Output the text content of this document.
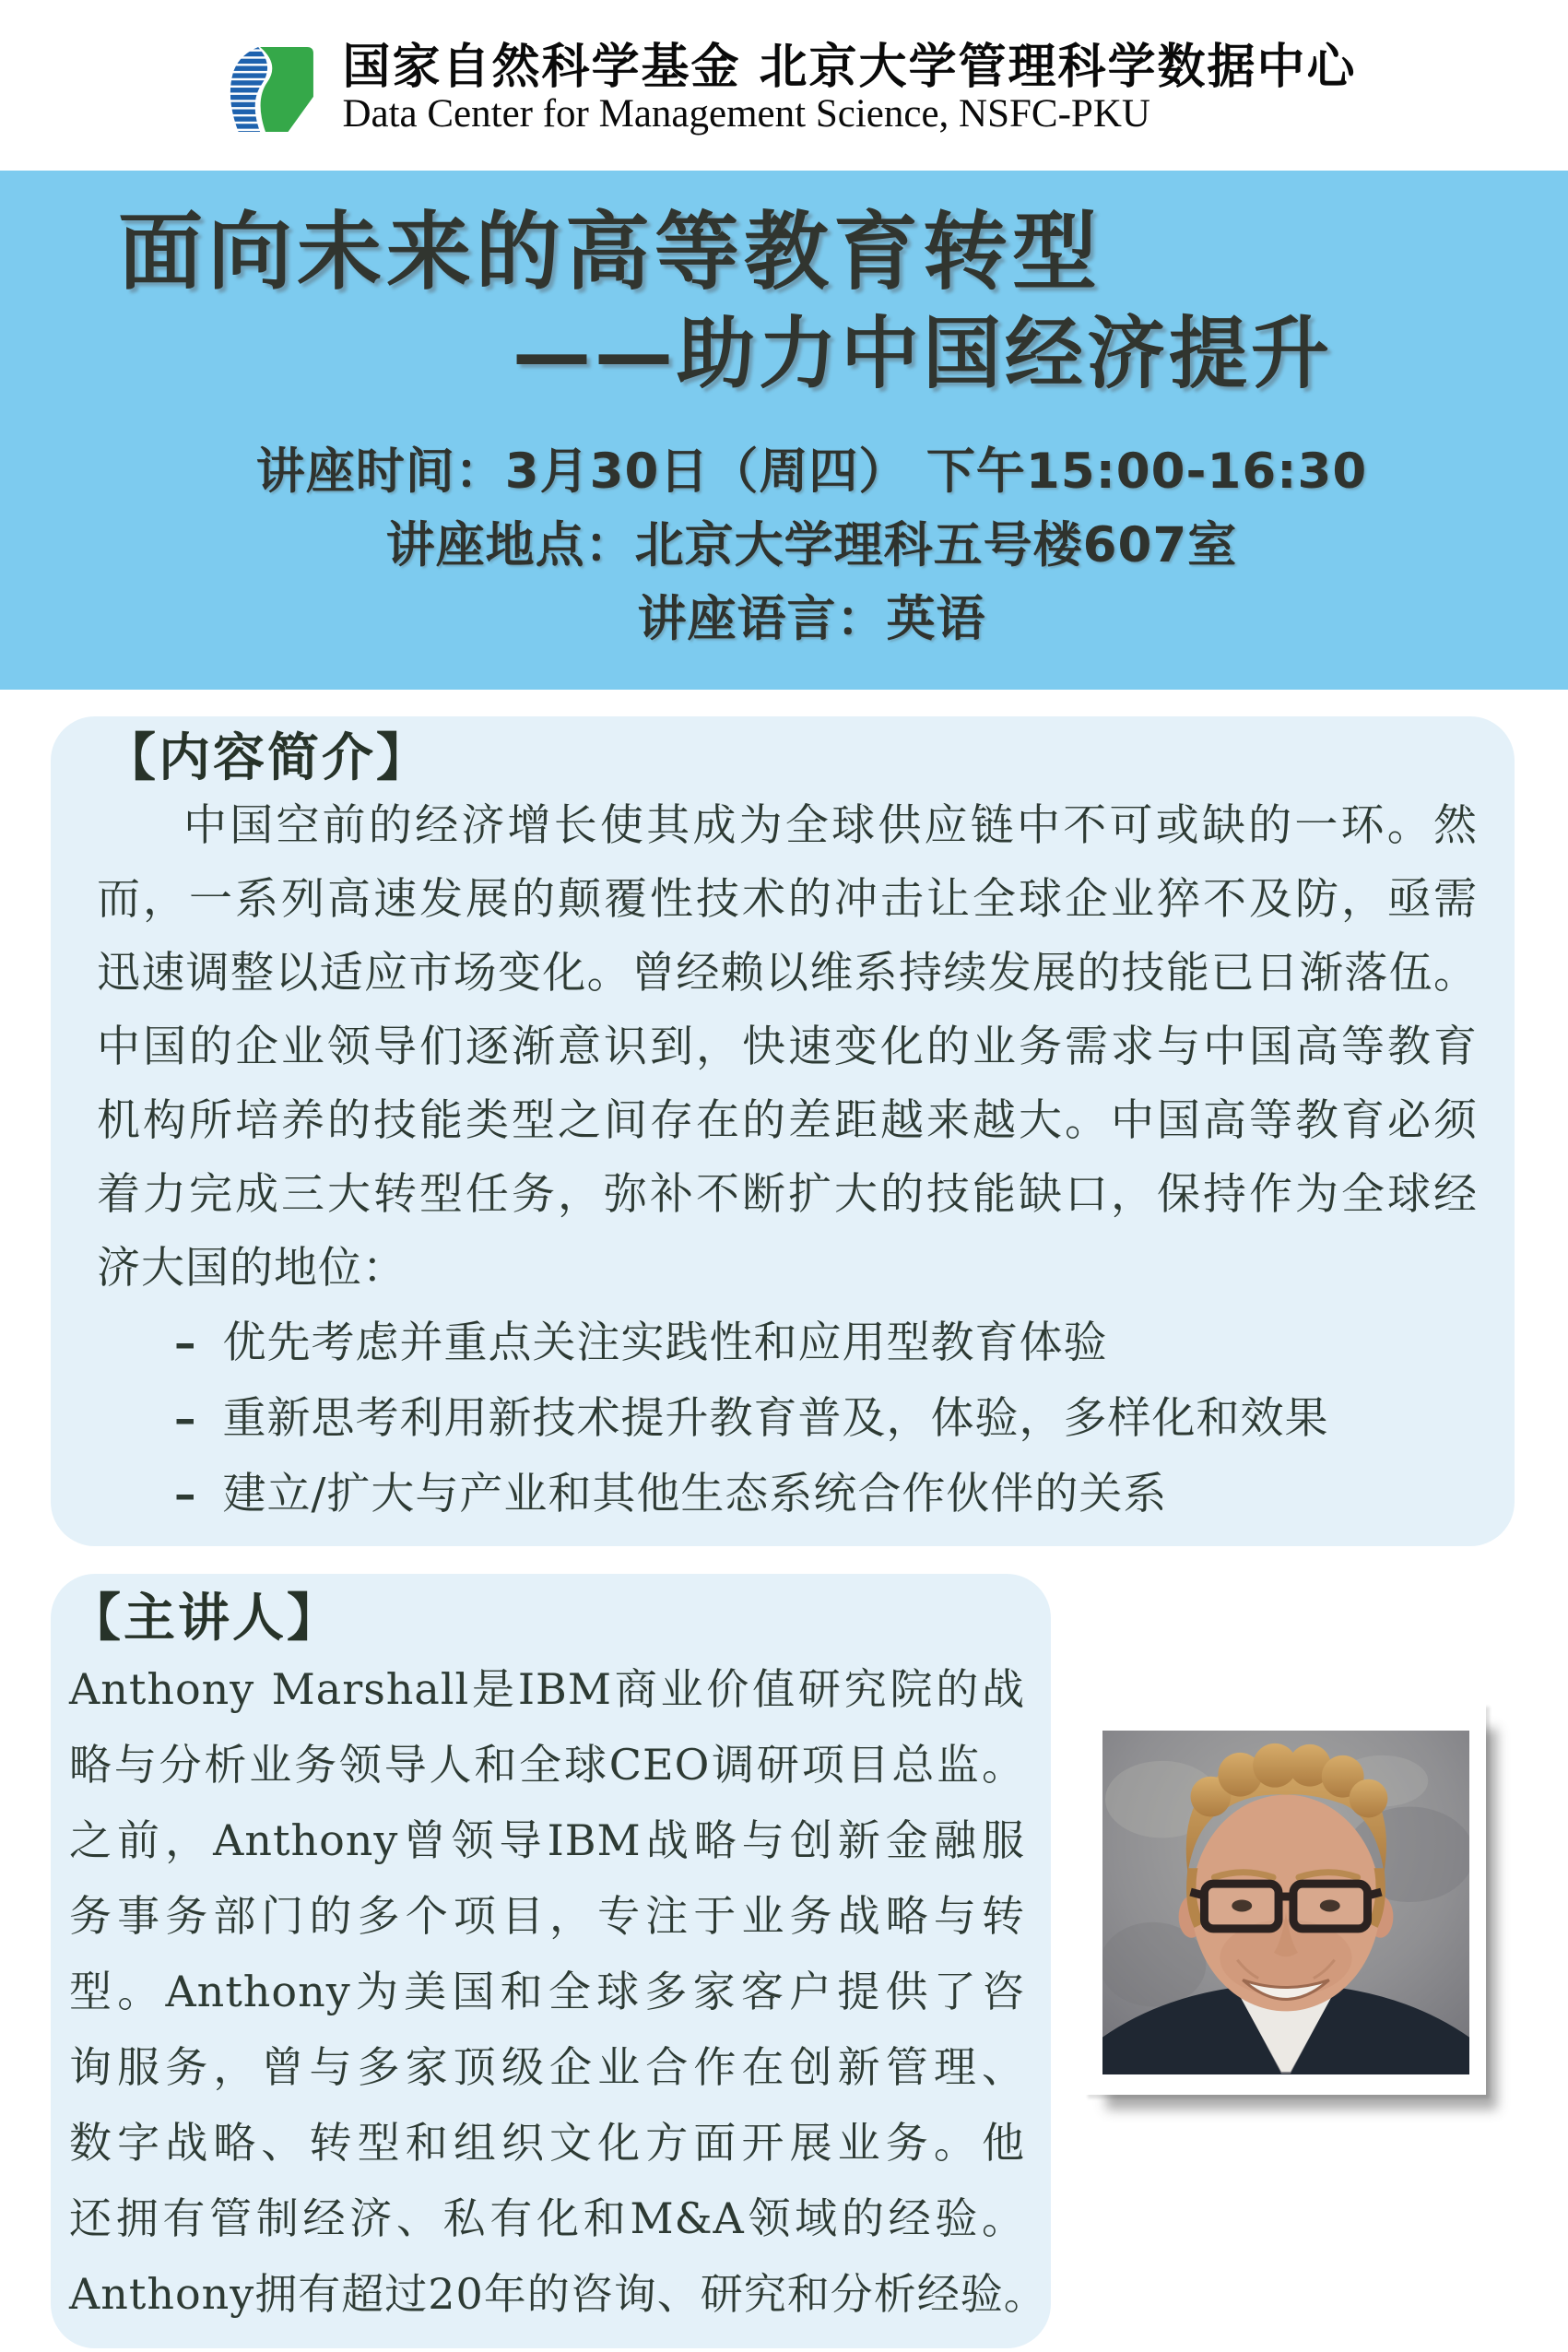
国家自然科学基金 北京大学管理科学数据中心
Data Center for Management Science, NSFC-PKU
面向未来的高等教育转型
——助力中国经济提升
讲座时间：3月30日（周四） 下午15:00-16:30
讲座地点：北京大学理科五号楼607室
讲座语言：英语
【内容简介】
中国空前的经济增长使其成为全球供应链中不可或缺的一环。然
而，一系列高速发展的颠覆性技术的冲击让全球企业猝不及防，亟需
迅速调整以适应市场变化。曾经赖以维系持续发展的技能已日渐落伍。
中国的企业领导们逐渐意识到，快速变化的业务需求与中国高等教育
机构所培养的技能类型之间存在的差距越来越大。中国高等教育必须
着力完成三大转型任务，弥补不断扩大的技能缺口，保持作为全球经
济大国的地位：
– 优先考虑并重点关注实践性和应用型教育体验
– 重新思考利用新技术提升教育普及，体验，多样化和效果
– 建立/扩大与产业和其他生态系统合作伙伴的关系
【主讲人】
Anthony Marshall是IBM商业价值研究院的战
略与分析业务领导人和全球CEO调研项目总监。
之前，Anthony曾领导IBM战略与创新金融服
务事务部门的多个项目，专注于业务战略与转
型。Anthony为美国和全球多家客户提供了咨
询服务，曾与多家顶级企业合作在创新管理、
数字战略、转型和组织文化方面开展业务。他
还拥有管制经济、私有化和M&A领域的经验。
Anthony拥有超过20年的咨询、研究和分析经验。
